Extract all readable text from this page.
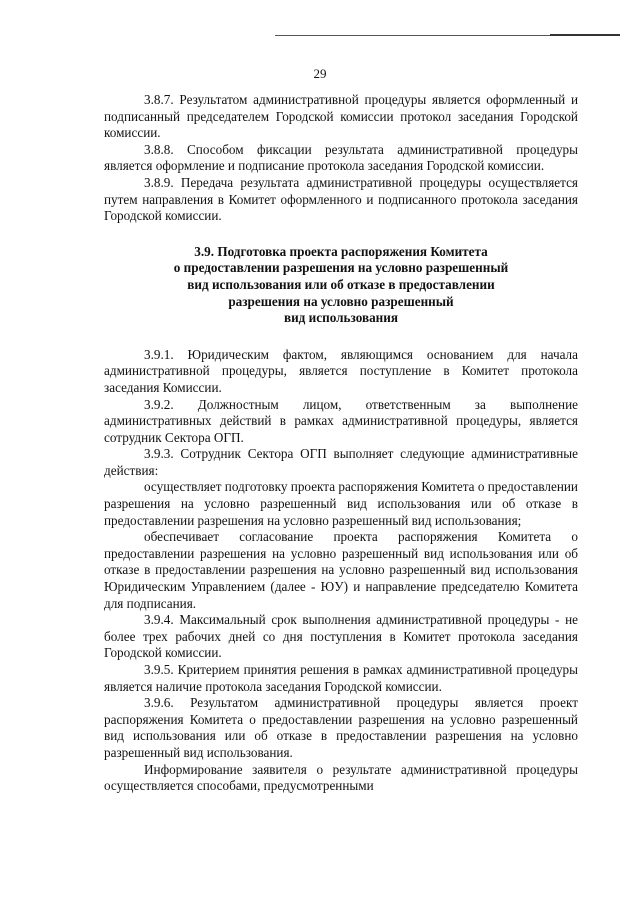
29

3.8.7. Результатом административной процедуры является оформленный и подписанный председателем Городской комиссии протокол заседания Городской комиссии.

3.8.8. Способом фиксации результата административной процедуры является оформление и подписание протокола заседания Городской комиссии.

3.8.9. Передача результата административной процедуры осуществляется путем направления в Комитет оформленного и подписанного протокола заседания Городской комиссии.

3.9. Подготовка проекта распоряжения Комитета
о предоставлении разрешения на условно разрешенный
вид использования или об отказе в предоставлении
разрешения на условно разрешенный
вид использования

3.9.1. Юридическим фактом, являющимся основанием для начала административной процедуры, является поступление в Комитет протокола заседания Комиссии.

3.9.2. Должностным лицом, ответственным за выполнение административных действий в рамках административной процедуры, является сотрудник Сектора ОГП.

3.9.3. Сотрудник Сектора ОГП выполняет следующие административные действия:

осуществляет подготовку проекта распоряжения Комитета о предоставлении разрешения на условно разрешенный вид использования или об отказе в предоставлении разрешения на условно разрешенный вид использования;

обеспечивает согласование проекта распоряжения Комитета о предоставлении разрешения на условно разрешенный вид использования или об отказе в предоставлении разрешения на условно разрешенный вид использования Юридическим Управлением (далее - ЮУ) и направление председателю Комитета для подписания.

3.9.4. Максимальный срок выполнения административной процедуры - не более трех рабочих дней со дня поступления в Комитет протокола заседания Городской комиссии.

3.9.5. Критерием принятия решения в рамках административной процедуры является наличие протокола заседания Городской комиссии.

3.9.6. Результатом административной процедуры является проект распоряжения Комитета о предоставлении разрешения на условно разрешенный вид использования или об отказе в предоставлении разрешения на условно разрешенный вид использования.

Информирование заявителя о результате административной процедуры осуществляется способами, предусмотренными
